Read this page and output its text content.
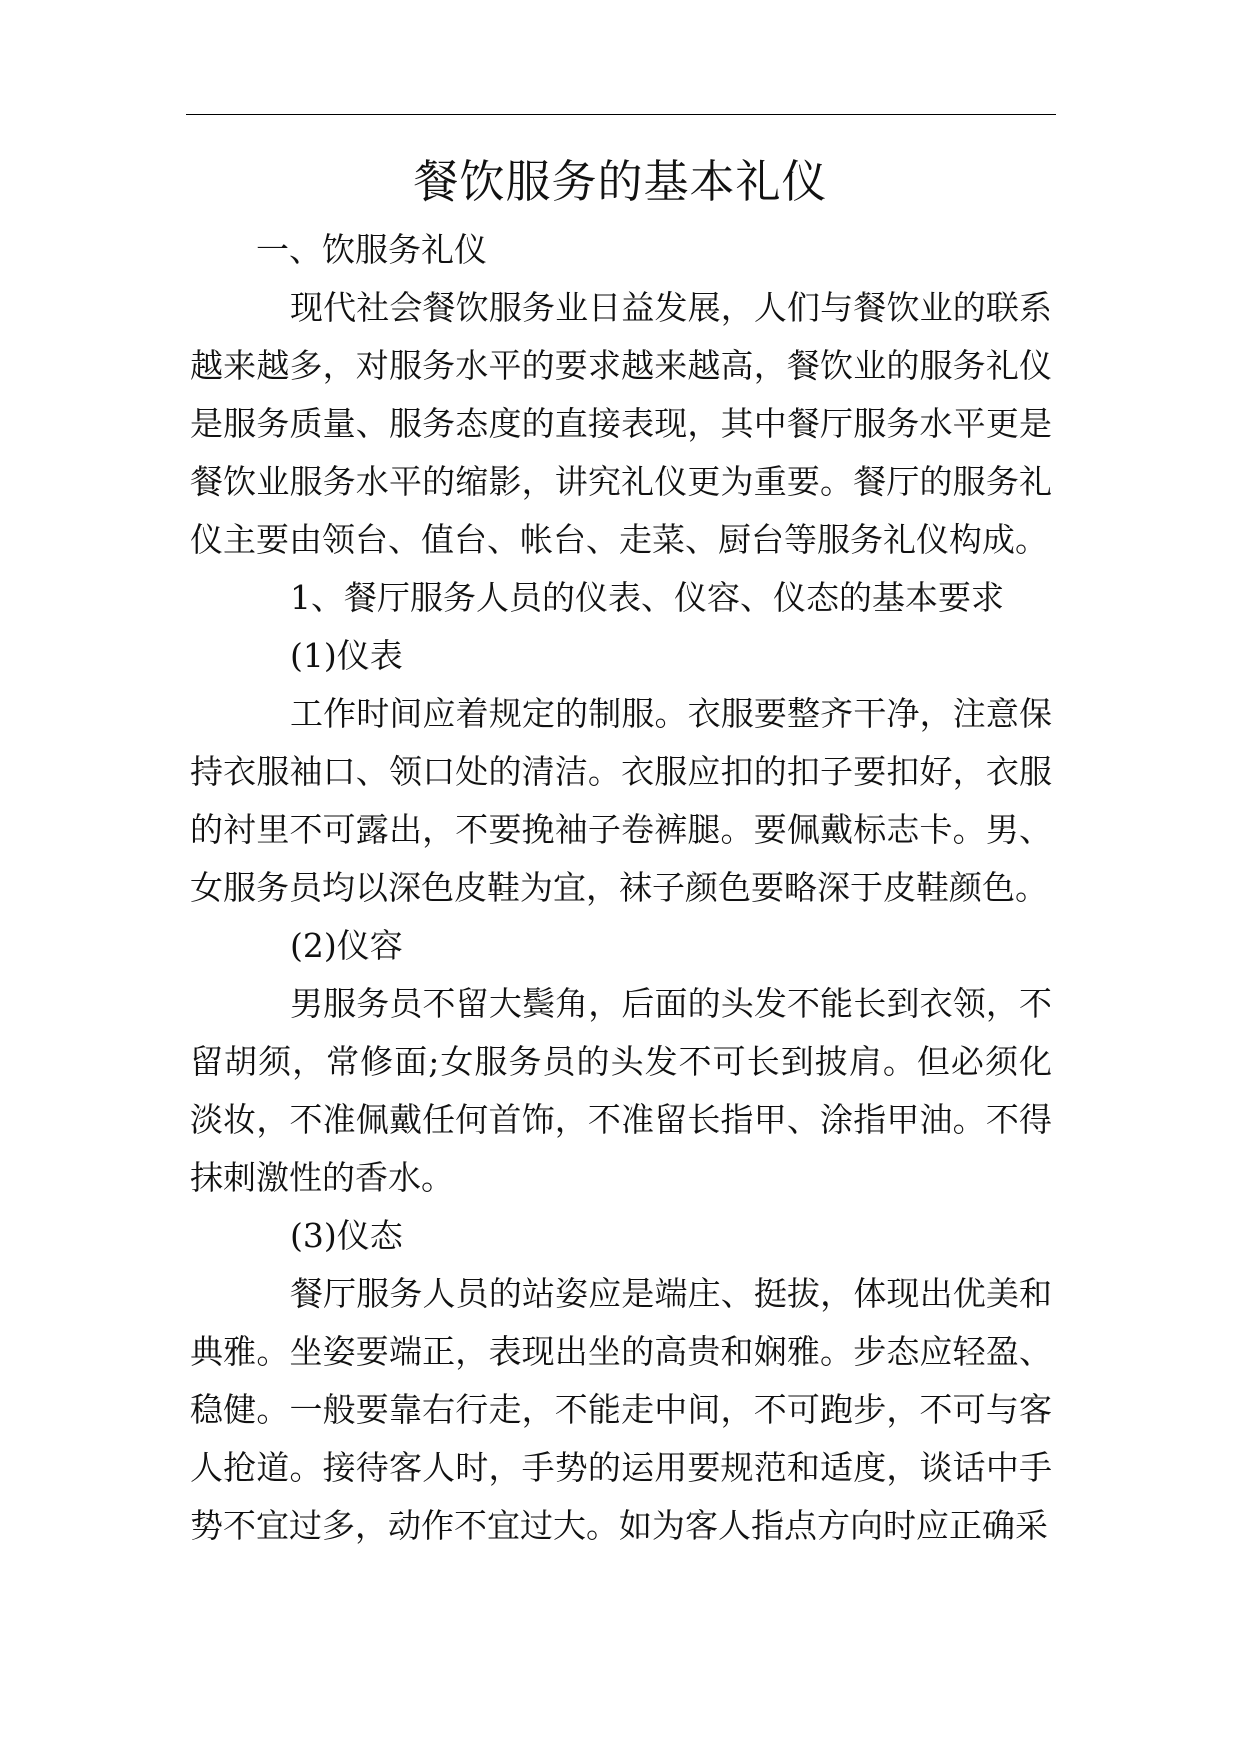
餐饮服务的基本礼仪

一、饮服务礼仪

现代社会餐饮服务业日益发展，人们与餐饮业的联系越来越多，对服务水平的要求越来越高，餐饮业的服务礼仪是服务质量、服务态度的直接表现，其中餐厅服务水平更是餐饮业服务水平的缩影，讲究礼仪更为重要。餐厅的服务礼仪主要由领台、值台、帐台、走菜、厨台等服务礼仪构成。

1、餐厅服务人员的仪表、仪容、仪态的基本要求

(1)仪表

工作时间应着规定的制服。衣服要整齐干净，注意保持衣服袖口、领口处的清洁。衣服应扣的扣子要扣好，衣服的衬里不可露出，不要挽袖子卷裤腿。要佩戴标志卡。男、女服务员均以深色皮鞋为宜，袜子颜色要略深于皮鞋颜色。

(2)仪容

男服务员不留大鬓角，后面的头发不能长到衣领，不留胡须，常修面;女服务员的头发不可长到披肩。但必须化淡妆，不准佩戴任何首饰，不准留长指甲、涂指甲油。不得抹刺激性的香水。

(3)仪态

餐厅服务人员的站姿应是端庄、挺拔，体现出优美和典雅。坐姿要端正，表现出坐的高贵和娴雅。步态应轻盈、稳健。一般要靠右行走，不能走中间，不可跑步，不可与客人抢道。接待客人时，手势的运用要规范和适度，谈话中手势不宜过多，动作不宜过大。如为客人指点方向时应正确采
